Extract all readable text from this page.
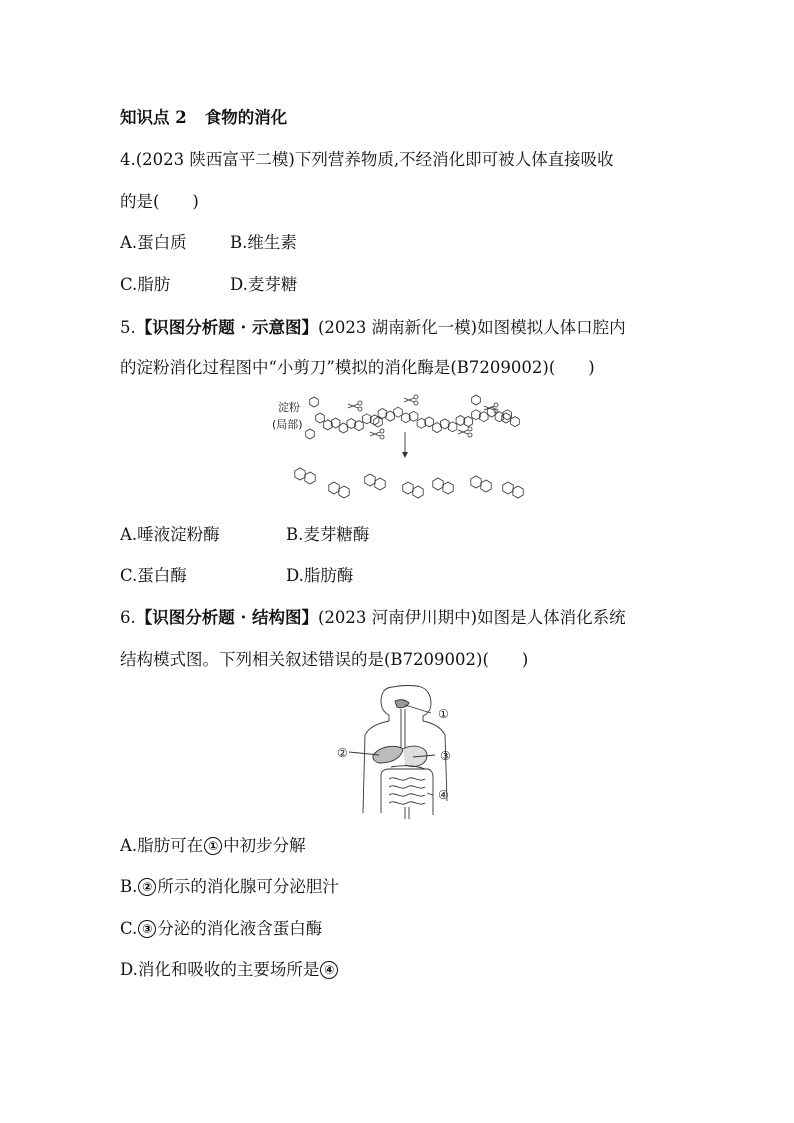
知识点 2 食物的消化
4.(2023 陕西富平二模)下列营养物质,不经消化即可被人体直接吸收
的是(　　)
A.蛋白质	B.维生素
C.脂肪	D.麦芽糖
5.【识图分析题 · 示意图】(2023 湖南新化一模)如图模拟人体口腔内
的淀粉消化过程图中“小剪刀”模拟的消化酶是(B7209002)(　　)
淀粉
(局部)
A.唾液淀粉酶	B.麦芽糖酶
C.蛋白酶	D.脂肪酶
6.【识图分析题 · 结构图】(2023 河南伊川期中)如图是人体消化系统
结构模式图。下列相关叙述错误的是(B7209002)(　　)
①
②	③
④
A.脂肪可在 ① 中初步分解
B. ② 所示的消化腺可分泌胆汁
C. ③ 分泌的消化液含蛋白酶
D.消化和吸收的主要场所是 ④
